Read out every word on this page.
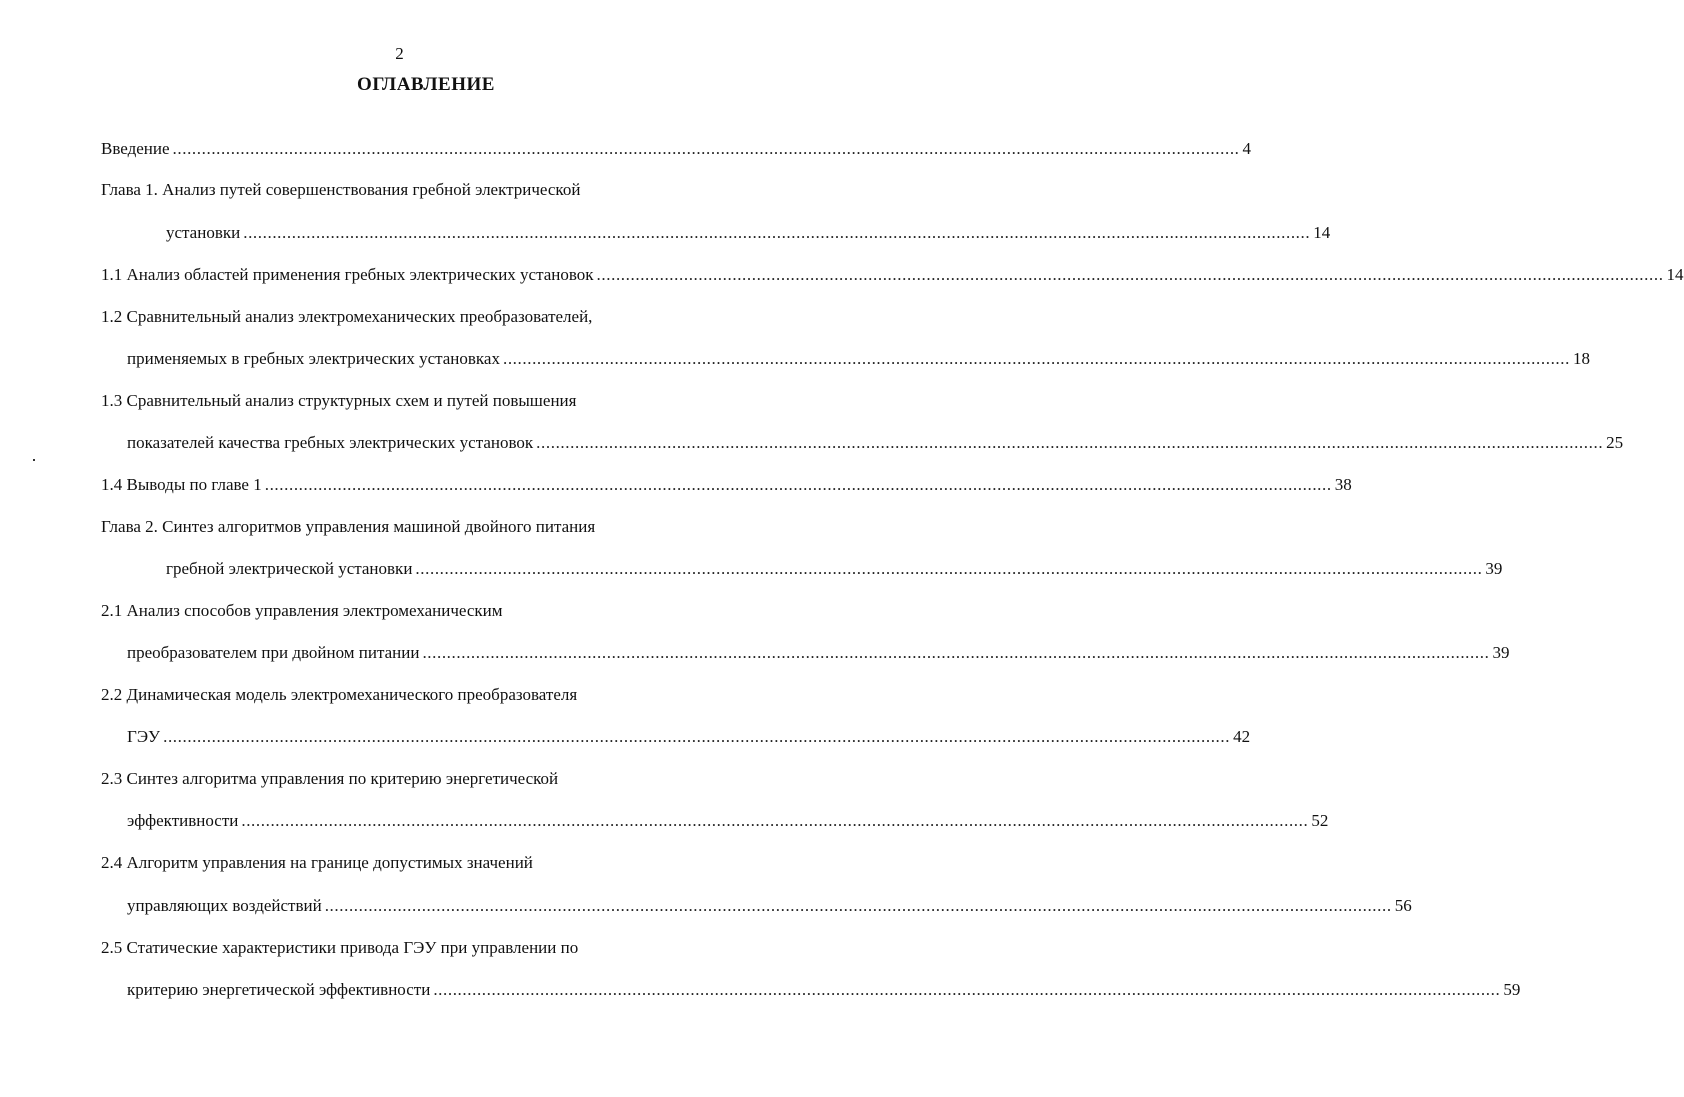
2
ОГЛАВЛЕНИЕ
Введение ............................................................................................................................................................................................................................ 4
Глава 1. Анализ путей совершенствования гребной электрической
установки ............................................................................................................................................................................................................................ 14
1.1 Анализ областей применения гребных электрических установок ............................................................................................................................................................................................................................ 14
1.2 Сравнительный анализ электромеханических преобразователей,
применяемых в гребных электрических установках ............................................................................................................................................................................................................................ 18
1.3 Сравнительный анализ структурных схем и путей повышения
показателей качества гребных электрических установок ............................................................................................................................................................................................................................ 25
1.4 Выводы по главе 1 ............................................................................................................................................................................................................................ 38
Глава 2. Синтез алгоритмов управления машиной двойного питания
гребной электрической установки ............................................................................................................................................................................................................................ 39
2.1 Анализ способов управления электромеханическим
преобразователем при двойном питании ............................................................................................................................................................................................................................ 39
2.2 Динамическая модель электромеханического преобразователя
ГЭУ ............................................................................................................................................................................................................................ 42
2.3 Синтез алгоритма управления по критерию энергетической
эффективности ............................................................................................................................................................................................................................ 52
2.4 Алгоритм управления на границе допустимых значений
управляющих воздействий ............................................................................................................................................................................................................................ 56
2.5 Статические характеристики привода ГЭУ при управлении по
критерию энергетической эффективности ............................................................................................................................................................................................................................ 59
